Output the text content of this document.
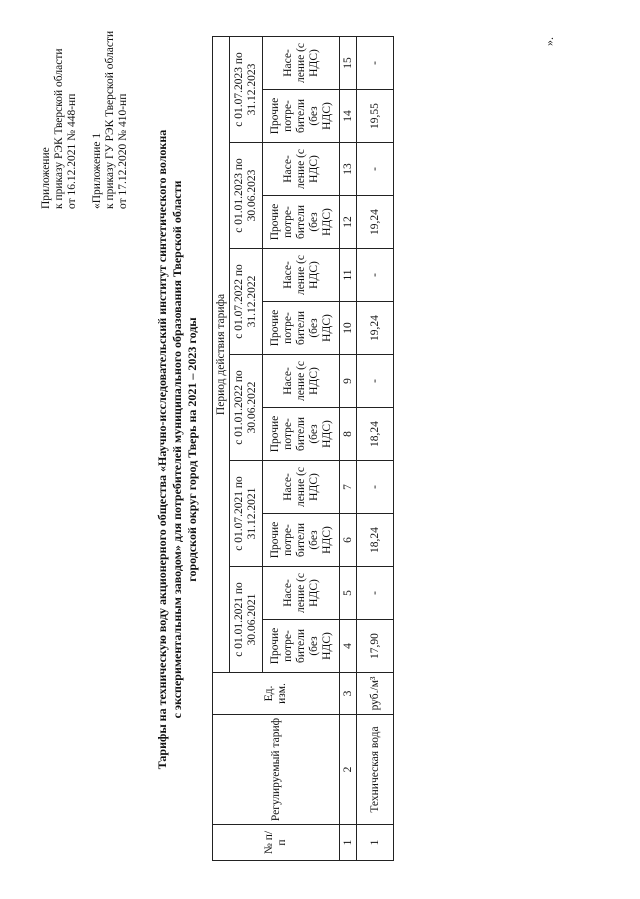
Приложение к приказу РЭК Тверской области от 16.12.2021 № 448-нп «Приложение 1 к приказу ГУ РЭК Тверской области от 17.12.2020 № 410-нп Тарифы на техническую воду акционерного общества «Научно-исследовательский институт синтетического волокна с экспериментальным заводом» для потребителей муниципального образования Тверской области городской округ город Тверь на 2021 – 2023 годы
№ п/ п	Регулируемый тариф	Ед. изм.	Период действия тарифа											
			с 01.01.2021 по 30.06.2021		с 01.07.2021 по 31.12.2021		с 01.01.2022 по 30.06.2022		с 01.07.2022 по 31.12.2022		с 01.01.2023 по 30.06.2023		с 01.07.2023 по 31.12.2023	
			Прочие потре- бители (без НДС)	Насе- ление (с НДС)	Прочие потре- бители (без НДС)	Насе- ление (с НДС)	Прочие потре- бители (без НДС)	Насе- ление (с НДС)	Прочие потре- бители (без НДС)	Насе- ление (с НДС)	Прочие потре- бители (без НДС)	Насе- ление (с НДС)	Прочие потре- бители (без НДС)	Насе- ление (с НДС)
1	2	3	4	5	6	7	8	9	10	11	12	13	14	15
1	Техническая вода	руб./м³	17,90	-	18,24	-	18,24	-	19,24	-	19,24	-	19,55	-
».
